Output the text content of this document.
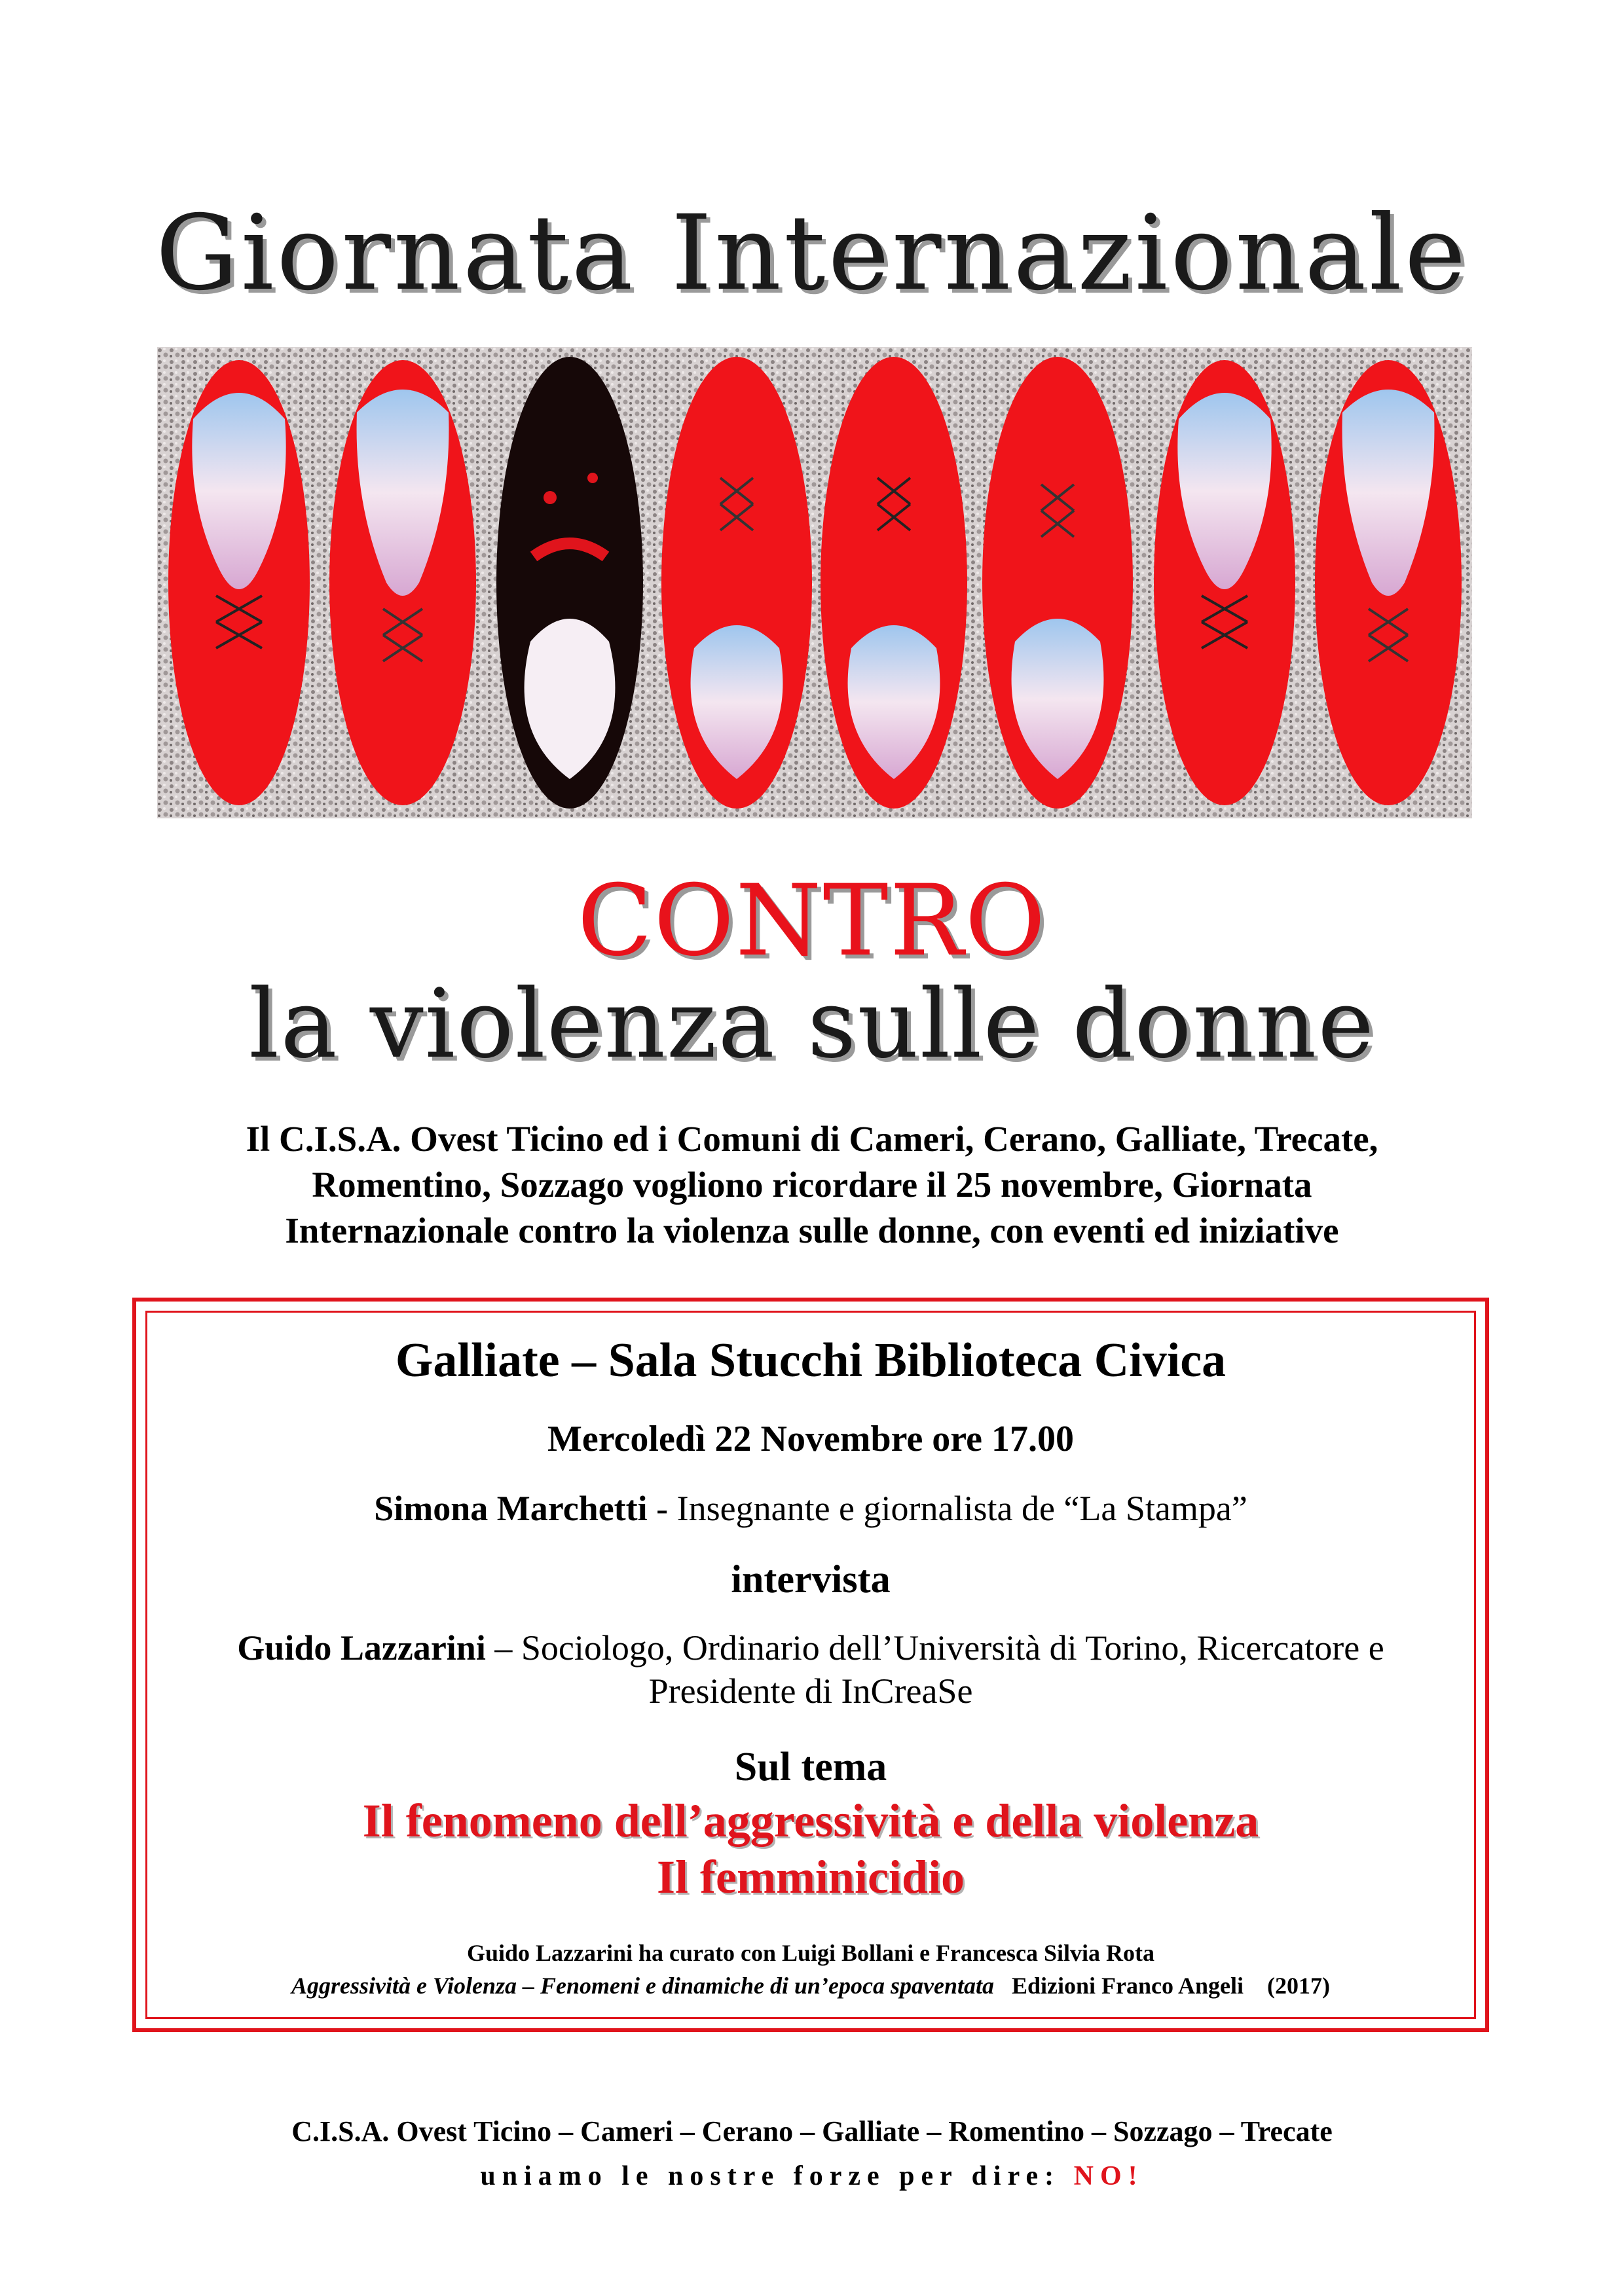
Giornata Internazionale
CONTRO
la violenza sulle donne
Il C.I.S.A. Ovest Ticino ed i Comuni di Cameri, Cerano, Galliate, Trecate,
Romentino, Sozzago vogliono ricordare il 25 novembre, Giornata
Internazionale contro la violenza sulle donne, con eventi ed iniziative
Galliate – Sala Stucchi Biblioteca Civica
Mercoledì 22 Novembre ore 17.00
Simona Marchetti - Insegnante e giornalista de “La Stampa”
intervista
Guido Lazzarini – Sociologo, Ordinario dell’Università di Torino, Ricercatore e
Presidente di InCreaSe
Sul tema
Il fenomeno dell’aggressività e della violenza
Il femminicidio
Guido Lazzarini ha curato con Luigi Bollani e Francesca Silvia Rota
Aggressività e Violenza – Fenomeni e dinamiche di un’epoca spaventata   Edizioni Franco Angeli    (2017)
C.I.S.A. Ovest Ticino – Cameri – Cerano – Galliate – Romentino – Sozzago – Trecate
uniamo le nostre forze per dire: NO!
